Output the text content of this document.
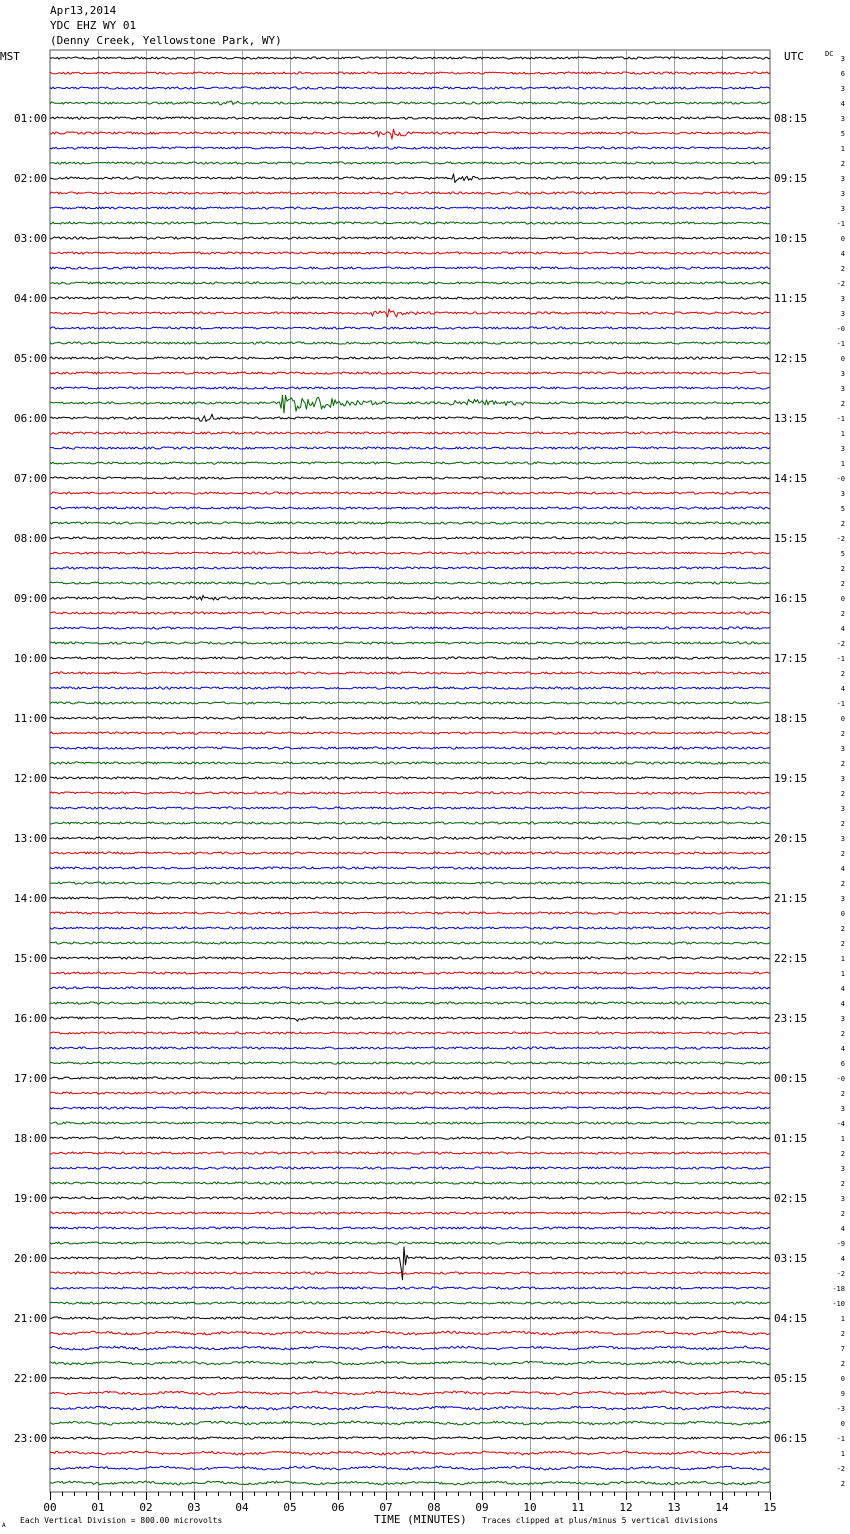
Apr13,2014
YDC EHZ WY 01
(Denny Creek, Yellowstone Park, WY)
MST	UTC	DC
Each Vertical Division = 800.00 microvolts	TIME (MINUTES) Traces clipped at plus/minus 5 vertical divisions
A
01:00
02:00
03:00
04:00
05:00
06:00
07:00
08:00
09:00
10:00
11:00
12:00
13:00
14:00
15:00
16:00
17:00
18:00
19:00
20:00
21:00
22:00
23:00
08:15
09:15
10:15
11:15
12:15
13:15
14:15
15:15
16:15
17:15
18:15
19:15
20:15
21:15
22:15
23:15
00:15
01:15
02:15
03:15
04:15
05:15
06:15
3
6
3
4
3
5
1
2
3
3
3
-1
0
4
2
-2
3
3
-0
-1
0
3
3
2
-1
1
3
1
-0
3
5
2
-2
5
2
2
0
2
4
-2
-1
2
4
-1
0
2
3
2
3
2
3
2
3
2
4
2
3
0
2
2
1
1
4
4
3
2
4
6
-0
2
3
-4
1
2
3
2
3
2
4
-9
4
-2
-18
-10
1
2
7
2
0
9
-3
0
-1
1
-2
2
00	01	02	03	04	05	06	07	08	09	10	11	12	13	14	15
